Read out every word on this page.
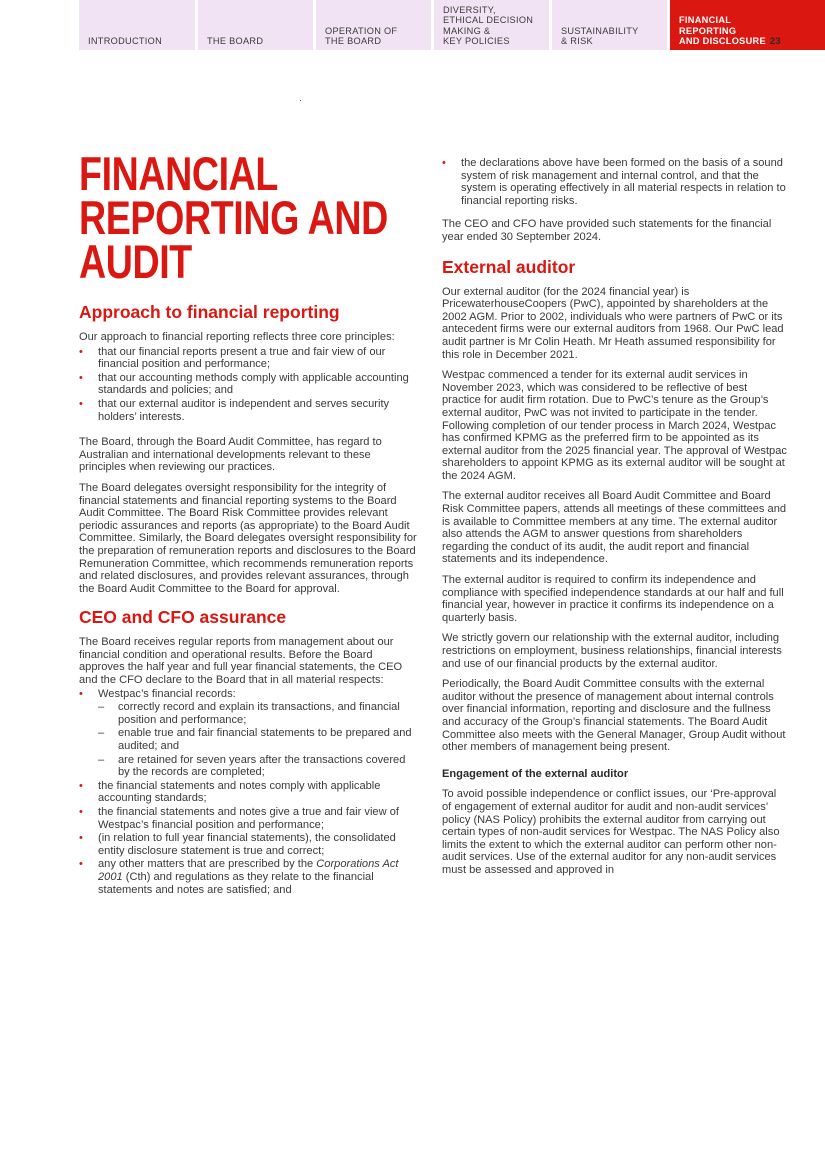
INTRODUCTION	THE BOARD
OPERATION OF
THE BOARD
DIVERSITY,
ETHICAL DECISION
MAKING &
KEY POLICIES
SUSTAINABILITY
& RISK
FINANCIAL
REPORTING
AND DISCLOSURE 23
FINANCIAL REPORTING AND AUDIT
Approach to financial reporting

Our approach to financial reporting reflects three core principles:

• that our financial reports present a true and fair view of our financial position and performance;
• that our accounting methods comply with applicable accounting standards and policies; and
• that our external auditor is independent and serves security holders’ interests.

The Board, through the Board Audit Committee, has regard to Australian and international developments relevant to these principles when reviewing our practices.

The Board delegates oversight responsibility for the integrity of financial statements and financial reporting systems to the Board Audit Committee. The Board Risk Committee provides relevant periodic assurances and reports (as appropriate) to the Board Audit Committee. Similarly, the Board delegates oversight responsibility for the preparation of remuneration reports and disclosures to the Board Remuneration Committee, which recommends remuneration reports and related disclosures, and provides relevant assurances, through the Board Audit Committee to the Board for approval.

CEO and CFO assurance

The Board receives regular reports from management about our financial condition and operational results. Before the Board approves the half year and full year financial statements, the CEO and the CFO declare to the Board that in all material respects:

• Westpac’s financial records:
– correctly record and explain its transactions, and financial position and performance;
– enable true and fair financial statements to be prepared and audited; and
– are retained for seven years after the transactions covered by the records are completed;
• the financial statements and notes comply with applicable accounting standards;
• the financial statements and notes give a true and fair view of Westpac’s financial position and performance;
• (in relation to full year financial statements), the consolidated entity disclosure statement is true and correct;
• any other matters that are prescribed by the Corporations Act 2001 (Cth) and regulations as they relate to the financial statements and notes are satisfied; and
• the declarations above have been formed on the basis of a sound system of risk management and internal control, and that the system is operating effectively in all material respects in relation to financial reporting risks.

The CEO and CFO have provided such statements for the financial year ended 30 September 2024.

External auditor

Our external auditor (for the 2024 financial year) is PricewaterhouseCoopers (PwC), appointed by shareholders at the 2002 AGM. Prior to 2002, individuals who were partners of PwC or its antecedent firms were our external auditors from 1968. Our PwC lead audit partner is Mr Colin Heath. Mr Heath assumed responsibility for this role in December 2021.

Westpac commenced a tender for its external audit services in November 2023, which was considered to be reflective of best practice for audit firm rotation. Due to PwC’s tenure as the Group’s external auditor, PwC was not invited to participate in the tender. Following completion of our tender process in March 2024, Westpac has confirmed KPMG as the preferred firm to be appointed as its external auditor from the 2025 financial year. The approval of Westpac shareholders to appoint KPMG as its external auditor will be sought at the 2024 AGM.

The external auditor receives all Board Audit Committee and Board Risk Committee papers, attends all meetings of these committees and is available to Committee members at any time. The external auditor also attends the AGM to answer questions from shareholders regarding the conduct of its audit, the audit report and financial statements and its independence.

The external auditor is required to confirm its independence and compliance with specified independence standards at our half and full financial year, however in practice it confirms its independence on a quarterly basis.

We strictly govern our relationship with the external auditor, including restrictions on employment, business relationships, financial interests and use of our financial products by the external auditor.

Periodically, the Board Audit Committee consults with the external auditor without the presence of management about internal controls over financial information, reporting and disclosure and the fullness and accuracy of the Group’s financial statements. The Board Audit Committee also meets with the General Manager, Group Audit without other members of management being present.

Engagement of the external auditor

To avoid possible independence or conflict issues, our ‘Pre-approval of engagement of external auditor for audit and non-audit services’ policy (NAS Policy) prohibits the external auditor from carrying out certain types of non-audit services for Westpac. The NAS Policy also limits the extent to which the external auditor can perform other non-audit services. Use of the external auditor for any non-audit services must be assessed and approved in
